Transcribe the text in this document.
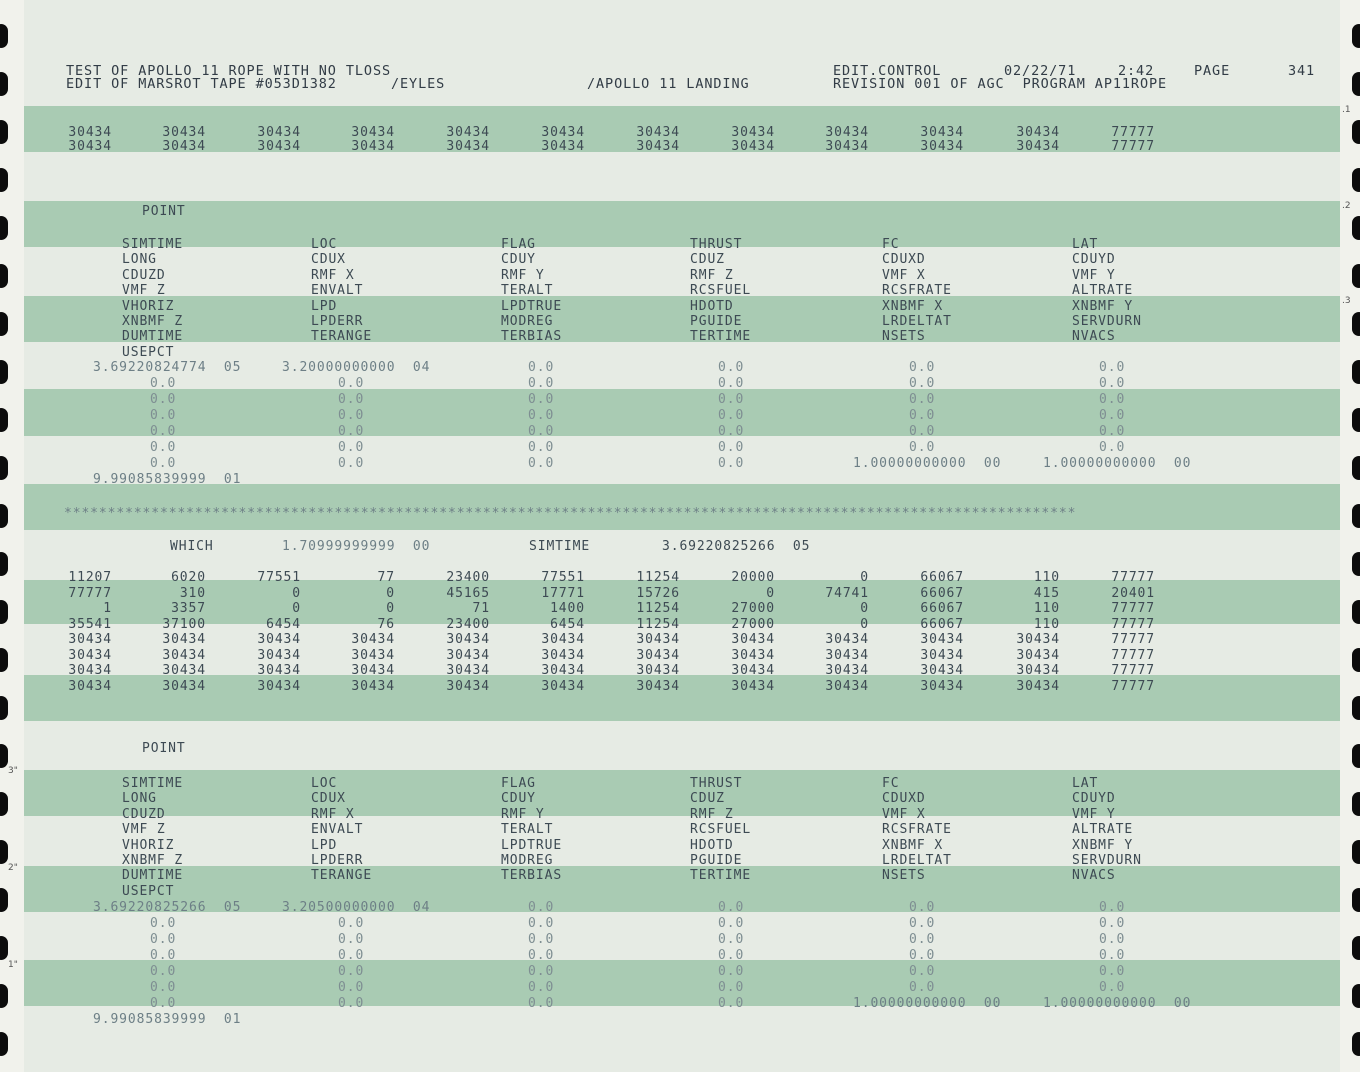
TEST OF APOLLO 11 ROPE WITH NO TLOSS
EDIT OF MARSROT TAPE #053D1382      /EYLES	/APOLLO 11 LANDING
EDIT.CONTROL	02/22/71	2:42	PAGE	341
REVISION 001 OF AGC  PROGRAM AP11ROPE
30434	30434	30434	30434	30434	30434	30434	30434	30434	30434	30434	77777
30434	30434	30434	30434	30434	30434	30434	30434	30434	30434	30434	77777
POINT
SIMTIME	LOC	FLAG	THRUST	FC	LAT
LONG	CDUX	CDUY	CDUZ	CDUXD	CDUYD
CDUZD	RMF X	RMF Y	RMF Z	VMF X	VMF Y
VMF Z	ENVALT	TERALT	RCSFUEL	RCSFRATE	ALTRATE
VHORIZ	LPD	LPDTRUE	HDOTD	XNBMF X	XNBMF Y
XNBMF Z	LPDERR	MODREG	PGUIDE	LRDELTAT	SERVDURN
DUMTIME	TERANGE	TERBIAS	TERTIME	NSETS	NVACS
USEPCT
3.69220824774  05	3.20000000000  04	0.0	0.0	0.0	0.0
0.0	0.0	0.0	0.0	0.0	0.0
0.0	0.0	0.0	0.0	0.0	0.0
0.0	0.0	0.0	0.0	0.0	0.0
0.0	0.0	0.0	0.0	0.0	0.0
0.0	0.0	0.0	0.0	0.0	0.0
0.0	0.0	0.0	0.0	1.00000000000  00	1.00000000000  00
9.99085839999  01
********************************************************************************************************************
WHICH	1.70999999999  00	SIMTIME	3.69220825266  05
11207	6020	77551	77	23400	77551	11254	20000	0	66067	110	77777
77777	310	0	0	45165	17771	15726	0	74741	66067	415	20401
1	3357	0	0	71	1400	11254	27000	0	66067	110	77777
35541	37100	6454	76	23400	6454	11254	27000	0	66067	110	77777
30434	30434	30434	30434	30434	30434	30434	30434	30434	30434	30434	77777
30434	30434	30434	30434	30434	30434	30434	30434	30434	30434	30434	77777
30434	30434	30434	30434	30434	30434	30434	30434	30434	30434	30434	77777
30434	30434	30434	30434	30434	30434	30434	30434	30434	30434	30434	77777
POINT
SIMTIME	LOC	FLAG	THRUST	FC	LAT
LONG	CDUX	CDUY	CDUZ	CDUXD	CDUYD
CDUZD	RMF X	RMF Y	RMF Z	VMF X	VMF Y
VMF Z	ENVALT	TERALT	RCSFUEL	RCSFRATE	ALTRATE
VHORIZ	LPD	LPDTRUE	HDOTD	XNBMF X	XNBMF Y
XNBMF Z	LPDERR	MODREG	PGUIDE	LRDELTAT	SERVDURN
DUMTIME	TERANGE	TERBIAS	TERTIME	NSETS	NVACS
USEPCT
3.69220825266  05	3.20500000000  04	0.0	0.0	0.0	0.0
0.0	0.0	0.0	0.0	0.0	0.0
0.0	0.0	0.0	0.0	0.0	0.0
0.0	0.0	0.0	0.0	0.0	0.0
0.0	0.0	0.0	0.0	0.0	0.0
0.0	0.0	0.0	0.0	0.0	0.0
0.0	0.0	0.0	0.0	1.00000000000  00	1.00000000000  00
9.99085839999  01
.1
.2
.3
3"
2"
1"
